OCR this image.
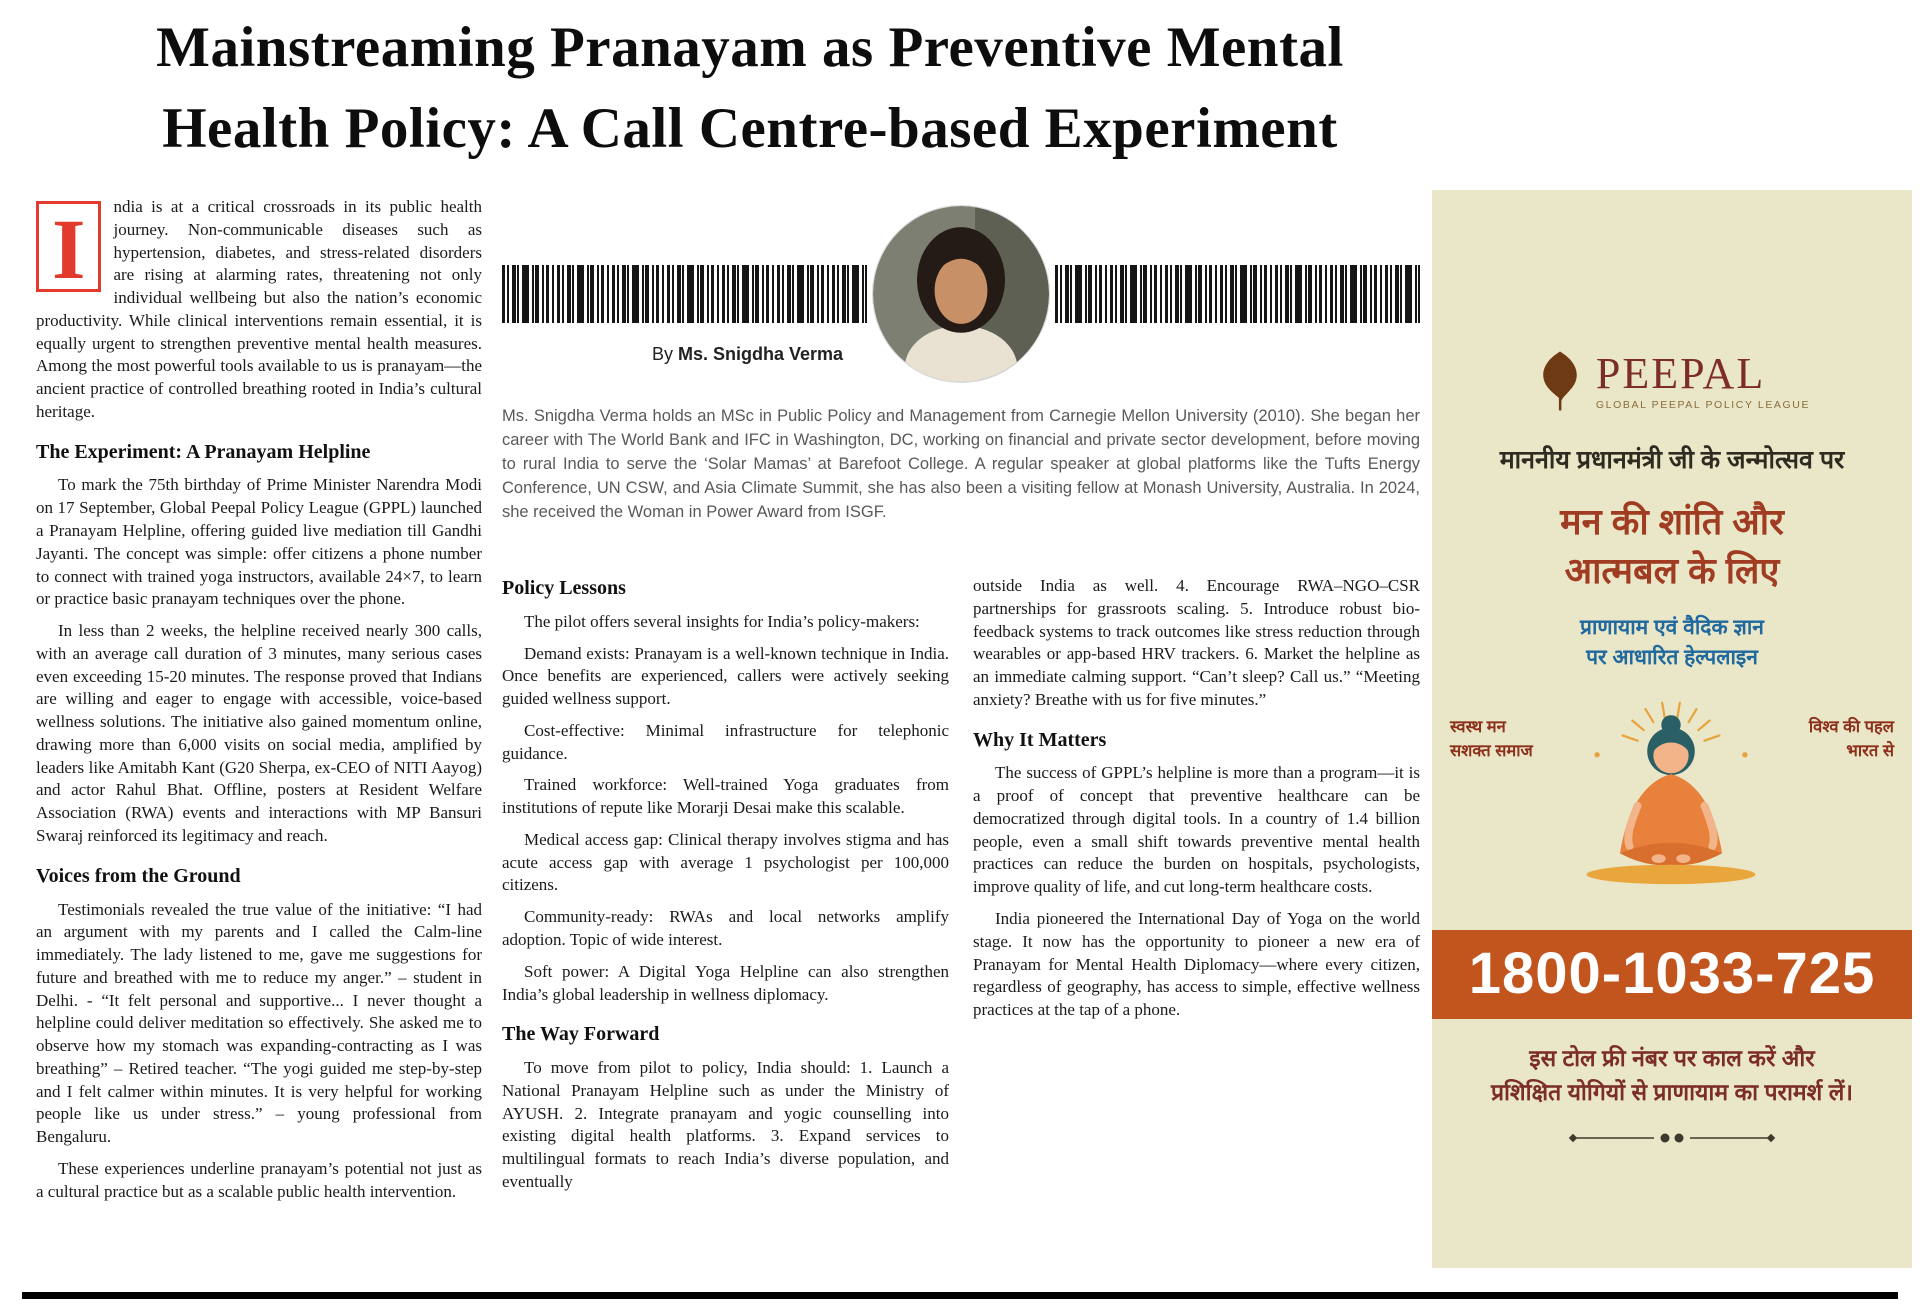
Mainstreaming Pranayam as Preventive Mental
Health Policy: A Call Centre-based Experiment

I	ndia is at a critical crossroads in its public health journey. Non-communicable diseases such as hypertension, diabetes, and stress-related disorders are rising at alarming rates, threatening not only individual wellbeing but also the nation’s economic productivity. While clinical interventions remain essential, it is equally urgent to strengthen preventive mental health measures. Among the most powerful tools available to us is pranayam—the ancient practice of controlled breathing rooted in India’s cultural heritage.

The Experiment: A Pranayam Helpline

To mark the 75th birthday of Prime Minister Narendra Modi on 17 September, Global Peepal Policy League (GPPL) launched a Pranayam Helpline, offering guided live mediation till Gandhi Jayanti. The concept was simple: offer citizens a phone number to connect with trained yoga instructors, available 24×7, to learn or practice basic pranayam techniques over the phone.

In less than 2 weeks, the helpline received nearly 300 calls, with an average call duration of 3 minutes, many serious cases even exceeding 15-20 minutes. The response proved that Indians are willing and eager to engage with accessible, voice-based wellness solutions. The initiative also gained momentum online, drawing more than 6,000 visits on social media, amplified by leaders like Amitabh Kant (G20 Sherpa, ex-CEO of NITI Aayog) and actor Rahul Bhat. Offline, posters at Resident Welfare Association (RWA) events and interactions with MP Bansuri Swaraj reinforced its legitimacy and reach.

Voices from the Ground

Testimonials revealed the true value of the initiative: “I had an argument with my parents and I called the Calm-line immediately. The lady listened to me, gave me suggestions for future and breathed with me to reduce my anger.” – student in Delhi. - “It felt personal and supportive... I never thought a helpline could deliver meditation so effectively. She asked me to observe how my stomach was expanding-contracting as I was breathing” – Retired teacher. “The yogi guided me step-by-step and I felt calmer within minutes. It is very helpful for working people like us under stress.” – young professional from Bengaluru.

These experiences underline pranayam’s potential not just as a cultural practice but as a scalable public health intervention.

By Ms. Snigdha Verma

Ms. Snigdha Verma holds an MSc in Public Policy and Management from Carnegie Mellon University (2010). She began her career with The World Bank and IFC in Washington, DC, working on financial and private sector development, before moving to rural India to serve the ‘Solar Mamas’ at Barefoot College. A regular speaker at global platforms like the Tufts Energy Conference, UN CSW, and Asia Climate Summit, she has also been a visiting fellow at Monash University, Australia. In 2024, she received the Woman in Power Award from ISGF.

Policy Lessons

The pilot offers several insights for India’s policy-makers:

Demand exists: Pranayam is a well-known technique in India. Once benefits are experienced, callers were actively seeking guided wellness support.

Cost-effective: Minimal infrastructure for telephonic guidance.

Trained workforce: Well-trained Yoga graduates from institutions of repute like Morarji Desai make this scalable.

Medical access gap: Clinical therapy involves stigma and has acute access gap with average 1 psychologist per 100,000 citizens.

Community-ready: RWAs and local networks amplify adoption. Topic of wide interest.

Soft power: A Digital Yoga Helpline can also strengthen India’s global leadership in wellness diplomacy.

The Way Forward

To move from pilot to policy, India should: 1. Launch a National Pranayam Helpline such as under the Ministry of AYUSH. 2. Integrate pranayam and yogic counselling into existing digital health platforms. 3. Expand services to multilingual formats to reach India’s diverse population, and eventually

outside India as well. 4. Encourage RWA–NGO–CSR partnerships for grassroots scaling. 5. Introduce robust bio-feedback systems to track outcomes like stress reduction through wearables or app-based HRV trackers. 6. Market the helpline as an immediate calming support. “Can’t sleep? Call us.” “Meeting anxiety? Breathe with us for five minutes.”

Why It Matters

The success of GPPL’s helpline is more than a program—it is a proof of concept that preventive healthcare can be democratized through digital tools. In a country of 1.4 billion people, even a small shift towards preventive mental health practices can reduce the burden on hospitals, psychologists, improve quality of life, and cut long-term healthcare costs.

India pioneered the International Day of Yoga on the world stage. It now has the opportunity to pioneer a new era of Pranayam for Mental Health Diplomacy—where every citizen, regardless of geography, has access to simple, effective wellness practices at the tap of a phone.

PEEPAL
GLOBAL PEEPAL POLICY LEAGUE
माननीय प्रधानमंत्री जी के जन्मोत्सव पर
मन की शांति और
आत्मबल के लिए
प्राणायाम एवं वैदिक ज्ञान
पर आधारित हेल्पलाइन
स्वस्थ मन
सशक्त समाज
विश्व की पहल
भारत से
1800-1033-725
इस टोल फ्री नंबर पर काल करें और
प्रशिक्षित योगियों से प्राणायाम का परामर्श लें।
